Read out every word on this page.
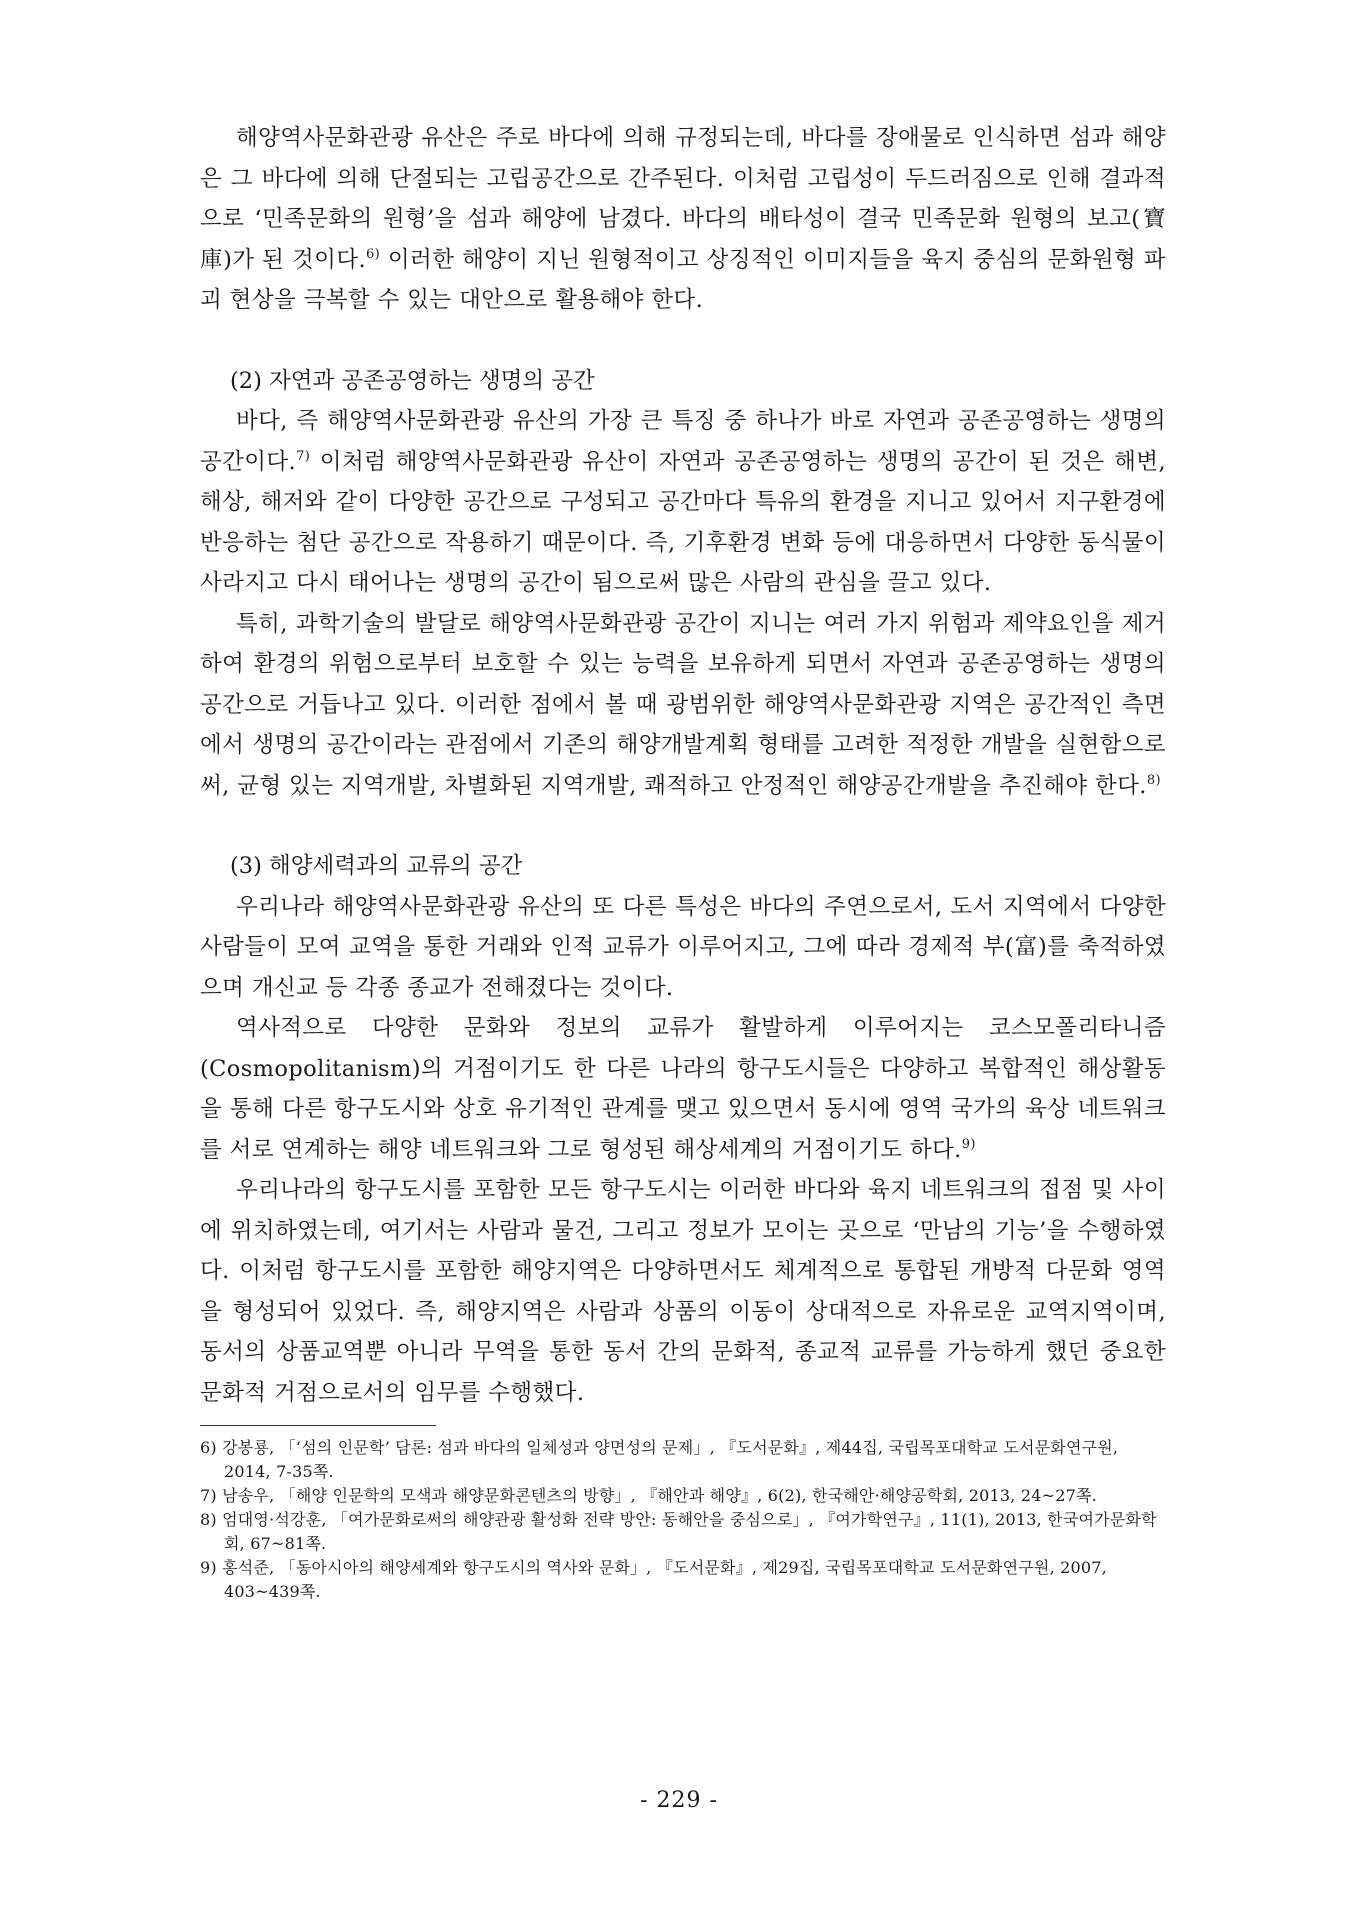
해양역사문화관광 유산은 주로 바다에 의해 규정되는데, 바다를 장애물로 인식하면 섬과 해양은 그 바다에 의해 단절되는 고립공간으로 간주된다. 이처럼 고립성이 두드러짐으로 인해 결과적으로 ‘민족문화의 원형’을 섬과 해양에 남겼다. 바다의 배타성이 결국 민족문화 원형의 보고(寶庫)가 된 것이다.$^{6)}$ 이러한 해양이 지닌 원형적이고 상징적인 이미지들을 육지 중심의 문화원형 파괴 현상을 극복할 수 있는 대안으로 활용해야 한다.

(2) 자연과 공존공영하는 생명의 공간

바다, 즉 해양역사문화관광 유산의 가장 큰 특징 중 하나가 바로 자연과 공존공영하는 생명의 공간이다.$^{7)}$ 이처럼 해양역사문화관광 유산이 자연과 공존공영하는 생명의 공간이 된 것은 해변, 해상, 해저와 같이 다양한 공간으로 구성되고 공간마다 특유의 환경을 지니고 있어서 지구환경에 반응하는 첨단 공간으로 작용하기 때문이다. 즉, 기후환경 변화 등에 대응하면서 다양한 동식물이 사라지고 다시 태어나는 생명의 공간이 됨으로써 많은 사람의 관심을 끌고 있다.

특히, 과학기술의 발달로 해양역사문화관광 공간이 지니는 여러 가지 위험과 제약요인을 제거하여 환경의 위험으로부터 보호할 수 있는 능력을 보유하게 되면서 자연과 공존공영하는 생명의 공간으로 거듭나고 있다. 이러한 점에서 볼 때 광범위한 해양역사문화관광 지역은 공간적인 측면에서 생명의 공간이라는 관점에서 기존의 해양개발계획 형태를 고려한 적정한 개발을 실현함으로써, 균형 있는 지역개발, 차별화된 지역개발, 쾌적하고 안정적인 해양공간개발을 추진해야 한다.$^{8)}$

(3) 해양세력과의 교류의 공간

우리나라 해양역사문화관광 유산의 또 다른 특성은 바다의 주연으로서, 도서 지역에서 다양한 사람들이 모여 교역을 통한 거래와 인적 교류가 이루어지고, 그에 따라 경제적 부(富)를 축적하였으며 개신교 등 각종 종교가 전해졌다는 것이다.

역사적으로 다양한 문화와 정보의 교류가 활발하게 이루어지는 코스모폴리타니즘(Cosmopolitanism)의 거점이기도 한 다른 나라의 항구도시들은 다양하고 복합적인 해상활동을 통해 다른 항구도시와 상호 유기적인 관계를 맺고 있으면서 동시에 영역 국가의 육상 네트워크를 서로 연계하는 해양 네트워크와 그로 형성된 해상세계의 거점이기도 하다.$^{9)}$

우리나라의 항구도시를 포함한 모든 항구도시는 이러한 바다와 육지 네트워크의 접점 및 사이에 위치하였는데, 여기서는 사람과 물건, 그리고 정보가 모이는 곳으로 ‘만남의 기능’을 수행하였다. 이처럼 항구도시를 포함한 해양지역은 다양하면서도 체계적으로 통합된 개방적 다문화 영역을 형성되어 있었다. 즉, 해양지역은 사람과 상품의 이동이 상대적으로 자유로운 교역지역이며, 동서의 상품교역뿐 아니라 무역을 통한 동서 간의 문화적, 종교적 교류를 가능하게 했던 중요한 문화적 거점으로서의 임무를 수행했다.

6) 강봉룡, 「‘섬의 인문학’ 담론: 섬과 바다의 일체성과 양면성의 문제」, 『도서문화』, 제44집, 국립목포대학교 도서문화연구원, 2014, 7-35쪽.

7) 남송우, 「해양 인문학의 모색과 해양문화콘텐츠의 방향」, 『해안과 해양』, 6(2), 한국해안·해양공학회, 2013, 24~27쪽.

8) 엄대영·석강훈, 「여가문화로써의 해양관광 활성화 전략 방안: 동해안을 중심으로」, 『여가학연구』, 11(1), 2013, 한국여가문화학회, 67~81쪽.

9) 홍석준, 「동아시아의 해양세계와 항구도시의 역사와 문화」, 『도서문화』, 제29집, 국립목포대학교 도서문화연구원, 2007, 403~439쪽.

- 229 -
